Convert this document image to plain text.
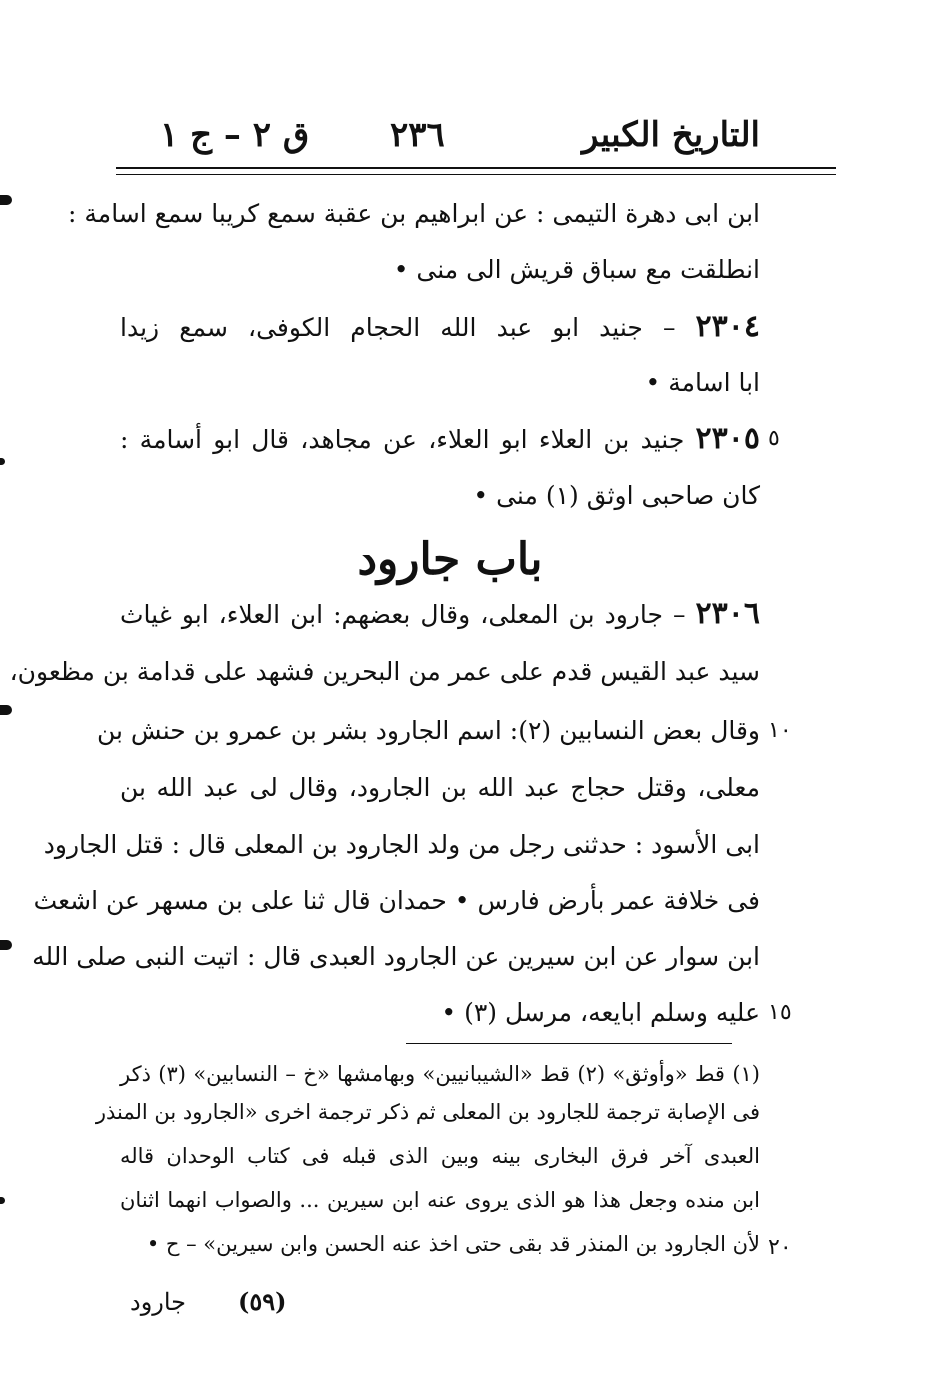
التاريخ الكبير
٢٣٦
ق ٢ – ج ١
ابن ابى دهرة التيمى : عن ابراهيم بن عقبة سمع كريبا سمع اسامة :
انطلقت مع سباق قريش الى منى •
٢٣٠٤ – جنيد ابو عبد الله الحجام الكوفى، سمع زيدا
ابا اسامة •
٢٣٠٥ جنيد بن العلاء ابو العلاء، عن مجاهد، قال ابو أسامة :	٥
كان صاحبى اوثق (١) منى •
باب جارود
٢٣٠٦ – جارود بن المعلى، وقال بعضهم: ابن العلاء، ابو غياث
سيد عبد القيس قدم على عمر من البحرين فشهد على قدامة بن مظعون،
وقال بعض النسابين (٢): اسم الجارود بشر بن عمرو بن حنش بن ١٠
معلى، وقتل حجاج عبد الله بن الجارود، وقال لى عبد الله بن
ابى الأسود : حدثنى رجل من ولد الجارود بن المعلى قال : قتل الجارود
فى خلافة عمر بأرض فارس • حمدان قال ثنا على بن مسهر عن اشعث
ابن سوار عن ابن سيرين عن الجارود العبدى قال : اتيت النبى صلى الله
عليه وسلم ابايعه، مرسل (٣) • ١٥
(١) قط «وأوثق» (٢) قط «الشيبانيين» وبهامشها «خ – النسابين» (٣) ذكر
فى الإصابة ترجمة للجارود بن المعلى ثم ذكر ترجمة اخرى «الجارود بن المنذر
العبدى آخر فرق البخارى بينه وبين الذى قبله فى كتاب الوحدان قاله
ابن منده وجعل هذا هو الذى يروى عنه ابن سيرين ... والصواب انهما اثنان
لأن الجارود بن المنذر قد بقى حتى اخذ عنه الحسن وابن سيرين» – ح • ٢٠
(٥٩)
جارود
